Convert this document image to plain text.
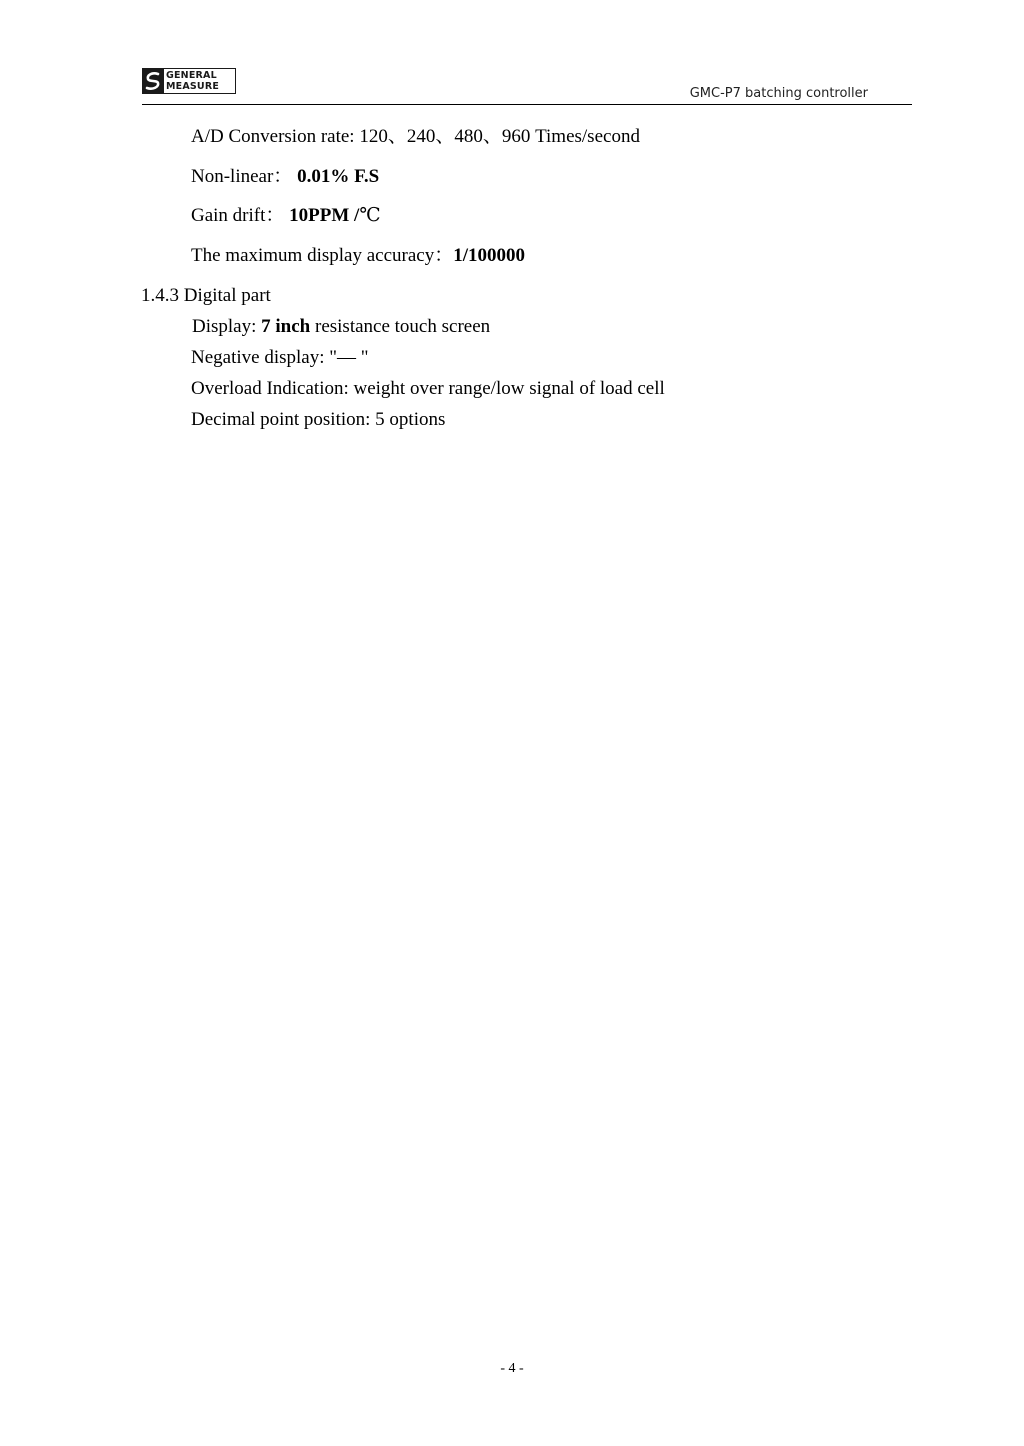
GENERAL
MEASURE	GMC-P7 batching controller
A/D Conversion rate: 120、240、480、960 Times/second
Non-linear： 0.01% F.S
Gain drift： 10PPM /℃
The maximum display accuracy：1/100000
1.4.3 Digital part
Display: 7 inch resistance touch screen
Negative display: "— "
Overload Indication: weight over range/low signal of load cell
Decimal point position: 5 options
- 4 -
